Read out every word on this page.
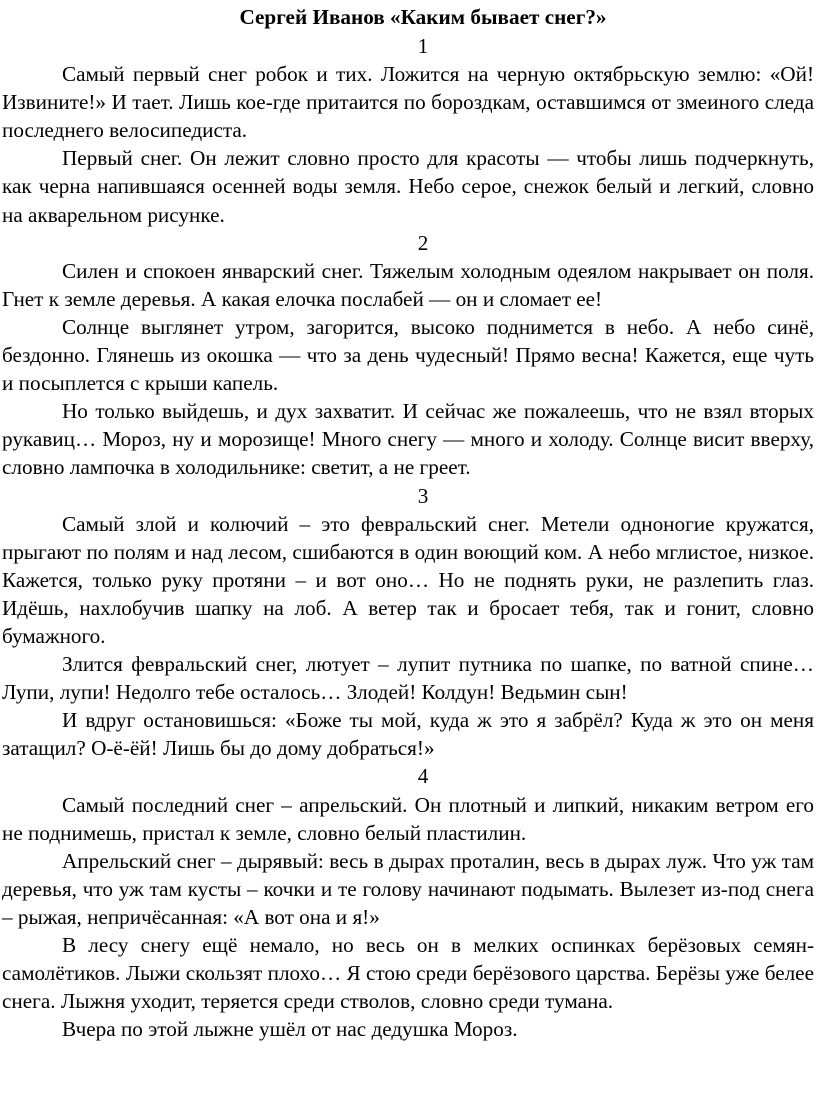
Сергей Иванов «Каким бывает снег?»

1

Самый первый снег робок и тих. Ложится на черную октябрьскую землю: «Ой! Извините!» И тает. Лишь кое-где притаится по бороздкам, оставшимся от змеиного следа последнего велосипедиста.

Первый снег. Он лежит словно просто для красоты — чтобы лишь подчеркнуть, как черна напившаяся осенней воды земля. Небо серое, снежок белый и легкий, словно на акварельном рисунке.

2

Силен и спокоен январский снег. Тяжелым холодным одеялом накрывает он поля. Гнет к земле деревья. А какая елочка послабей — он и сломает ее!

Солнце выглянет утром, загорится, высоко поднимется в небо. А небо синё, бездонно. Глянешь из окошка — что за день чудесный! Прямо весна! Кажется, еще чуть и посыплется с крыши капель.

Но только выйдешь, и дух захватит. И сейчас же пожалеешь, что не взял вторых рукавиц… Мороз, ну и морозище! Много снегу — много и холоду. Солнце висит вверху, словно лампочка в холодильнике: светит, а не греет.

3

Самый злой и колючий – это февральский снег. Метели одноногие кружатся, прыгают по полям и над лесом, сшибаются в один воющий ком. А небо мглистое, низкое. Кажется, только руку протяни – и вот оно… Но не поднять руки, не разлепить глаз. Идёшь, нахлобучив шапку на лоб. А ветер так и бросает тебя, так и гонит, словно бумажного.

Злится февральский снег, лютует – лупит путника по шапке, по ватной спине… Лупи, лупи! Недолго тебе осталось… Злодей! Колдун! Ведьмин сын!

И вдруг остановишься: «Боже ты мой, куда ж это я забрёл? Куда ж это он меня затащил? О-ё-ёй! Лишь бы до дому добраться!»

4

Самый последний снег – апрельский. Он плотный и липкий, никаким ветром его не поднимешь, пристал к земле, словно белый пластилин.

Апрельский снег – дырявый: весь в дырах проталин, весь в дырах луж. Что уж там деревья, что уж там кусты – кочки и те голову начинают подымать. Вылезет из-под снега – рыжая, непричёсанная: «А вот она и я!»

В лесу снегу ещё немало, но весь он в мелких оспинках берёзовых семян-самолётиков. Лыжи скользят плохо… Я стою среди берёзового царства. Берёзы уже белее снега. Лыжня уходит, теряется среди стволов, словно среди тумана.

Вчера по этой лыжне ушёл от нас дедушка Мороз.
